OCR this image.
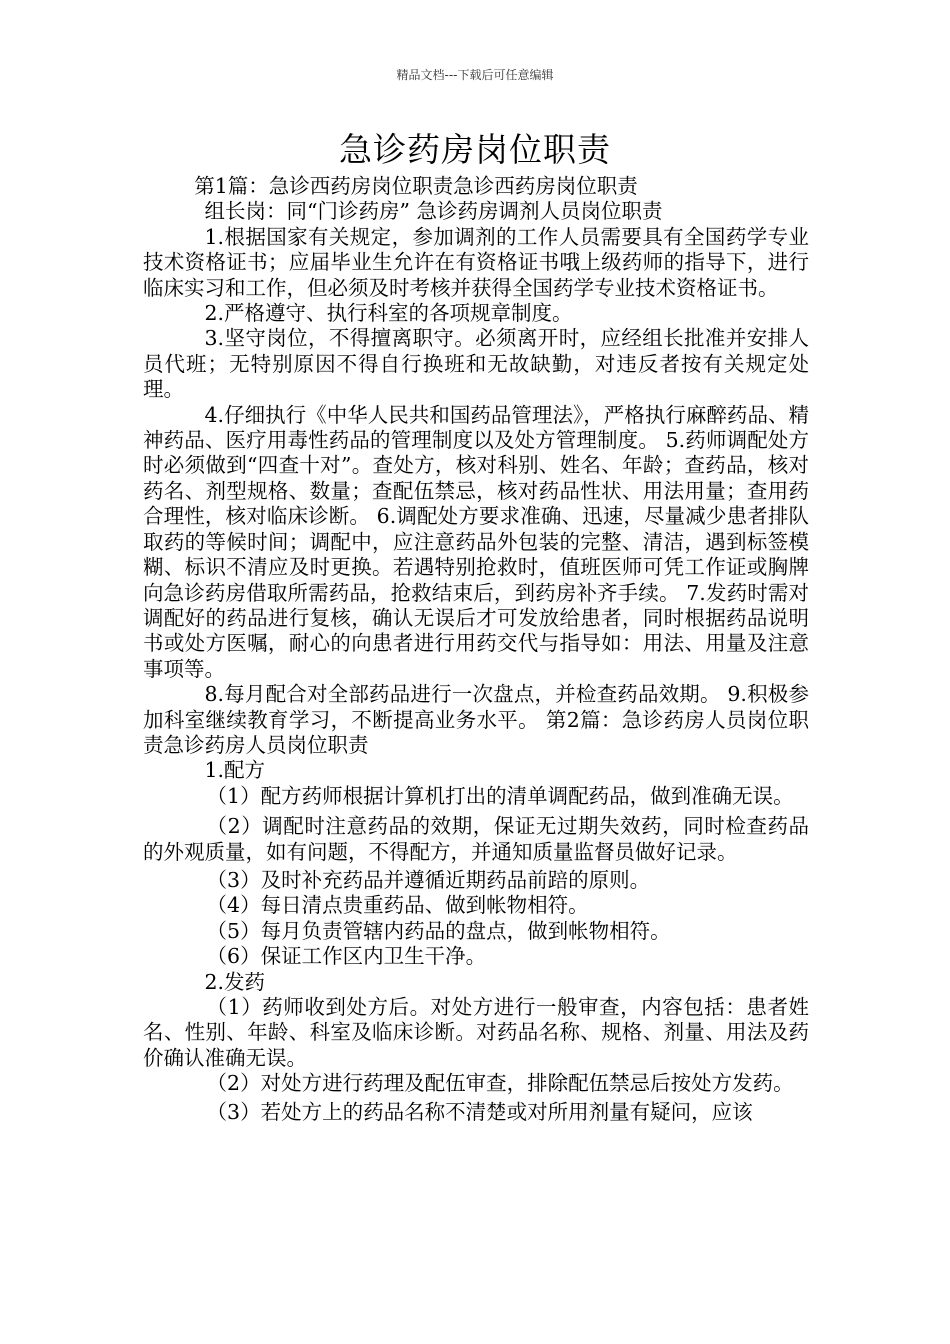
精品文档---下载后可任意编辑
急诊药房岗位职责

第1篇：急诊西药房岗位职责急诊西药房岗位职责

组长岗：同“门诊药房” 急诊药房调剂人员岗位职责

1.根据国家有关规定，参加调剂的工作人员需要具有全国药学专业技术资格证书；应届毕业生允许在有资格证书哦上级药师的指导下，进行临床实习和工作，但必须及时考核并获得全国药学专业技术资格证书。

2.严格遵守、执行科室的各项规章制度。

3.坚守岗位，不得擅离职守。必须离开时，应经组长批准并安排人员代班；无特别原因不得自行换班和无故缺勤，对违反者按有关规定处理。

4.仔细执行《中华人民共和国药品管理法》，严格执行麻醉药品、精神药品、医疗用毒性药品的管理制度以及处方管理制度。 5.药师调配处方时必须做到“四查十对”。查处方，核对科别、姓名、年龄；查药品，核对药名、剂型规格、数量；查配伍禁忌，核对药品性状、用法用量；查用药合理性，核对临床诊断。 6.调配处方要求准确、迅速，尽量减少患者排队取药的等候时间；调配中，应注意药品外包装的完整、清洁，遇到标签模糊、标识不清应及时更换。若遇特别抢救时，值班医师可凭工作证或胸牌向急诊药房借取所需药品，抢救结束后，到药房补齐手续。 7.发药时需对调配好的药品进行复核，确认无误后才可发放给患者，同时根据药品说明书或处方医嘱，耐心的向患者进行用药交代与指导如：用法、用量及注意事项等。

8.每月配合对全部药品进行一次盘点，并检查药品效期。 9.积极参加科室继续教育学习，不断提高业务水平。 第2篇：急诊药房人员岗位职责急诊药房人员岗位职责

1.配方

（1）配方药师根据计算机打出的清单调配药品，做到准确无误。

（2）调配时注意药品的效期，保证无过期失效药，同时检查药品的外观质量，如有问题，不得配方，并通知质量监督员做好记录。

（3）及时补充药品并遵循近期药品前踣的原则。

（4）每日清点贵重药品、做到帐物相符。

（5）每月负责管辖内药品的盘点，做到帐物相符。

（6）保证工作区内卫生干净。

2.发药

（1）药师收到处方后。对处方进行一般审查，内容包括：患者姓名、性别、年龄、科室及临床诊断。对药品名称、规格、剂量、用法及药价确认准确无误。

（2）对处方进行药理及配伍审查，排除配伍禁忌后按处方发药。

（3）若处方上的药品名称不清楚或对所用剂量有疑问，应该
